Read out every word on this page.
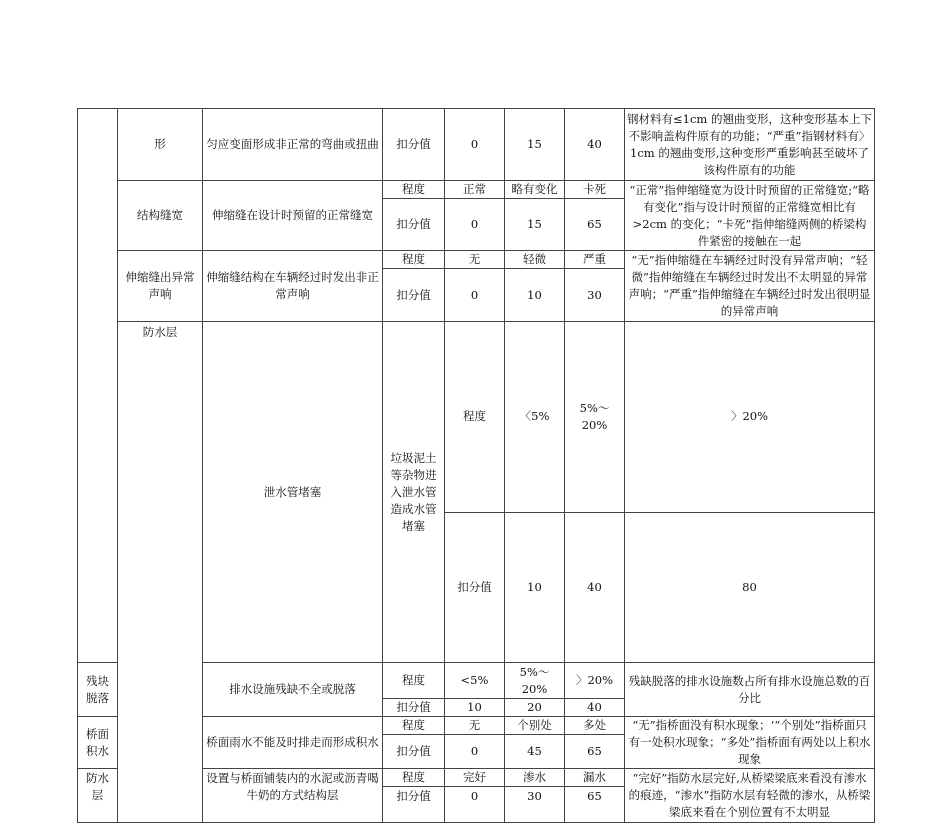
	形	匀应变面形成非正常的弯曲或扭曲	扣分值	0	15	40	钢材料有≤1cm 的翘曲变形，这种变形基本上下不影响盖构件原有的功能；“严重”指钢材料有〉1cm 的翘曲变形,这种变形严重影响甚至破坏了该构件原有的功能	
	结构缝宽	伸缩缝在设计时预留的正常缝宽	程度	正常	略有变化	卡死	“正常”指伸缩缝宽为设计时预留的正常缝宽;“略有变化”指与设计时预留的正常缝宽相比有>2cm 的变化；“卡死”指伸缩缝两侧的桥梁构件紧密的接触在一起	
			扣分值	0	15	65		
	伸缩缝出异常声响	伸缩缝结构在车辆经过时发出非正常声响	程度	无	轻微	严重	“无”指伸缩缝在车辆经过时没有异常声响；“轻微”指伸缩缝在车辆经过时发出不太明显的异常声响；“严重”指伸缩缝在车辆经过时发出很明显的异常声响	
			扣分值	0	10	30		
	防水层	泄水管堵塞	垃圾泥土等杂物进入泄水管造成水管堵塞	程度	〈5%	5%～20%	〉20%	
				扣分值	10	40	80	
残块脱落		排水设施残缺不全或脱落	程度	<5%	5%～20%	〉20%	残缺脱落的排水设施数占所有排水设施总数的百分比	
			扣分值	10	20	40		
桥面积水		桥面雨水不能及时排走而形成积水	程度	无	个别处	多处	“无”指桥面没有积水现象；‘“个别处”指桥面只有一处积水现象；“多处”指桥面有两处以上积水现象	
			扣分值	0	45	65		
防水层		设置与桥面铺装内的水泥或沥青喝牛奶的方式结构层	程度	完好	渗水	漏水	“完好”指防水层完好,从桥梁梁底来看没有渗水的痕迹，“渗水”指防水层有轻微的渗水，从桥梁梁底来看在个别位置有不太明显	
			扣分值	0	30	65		
